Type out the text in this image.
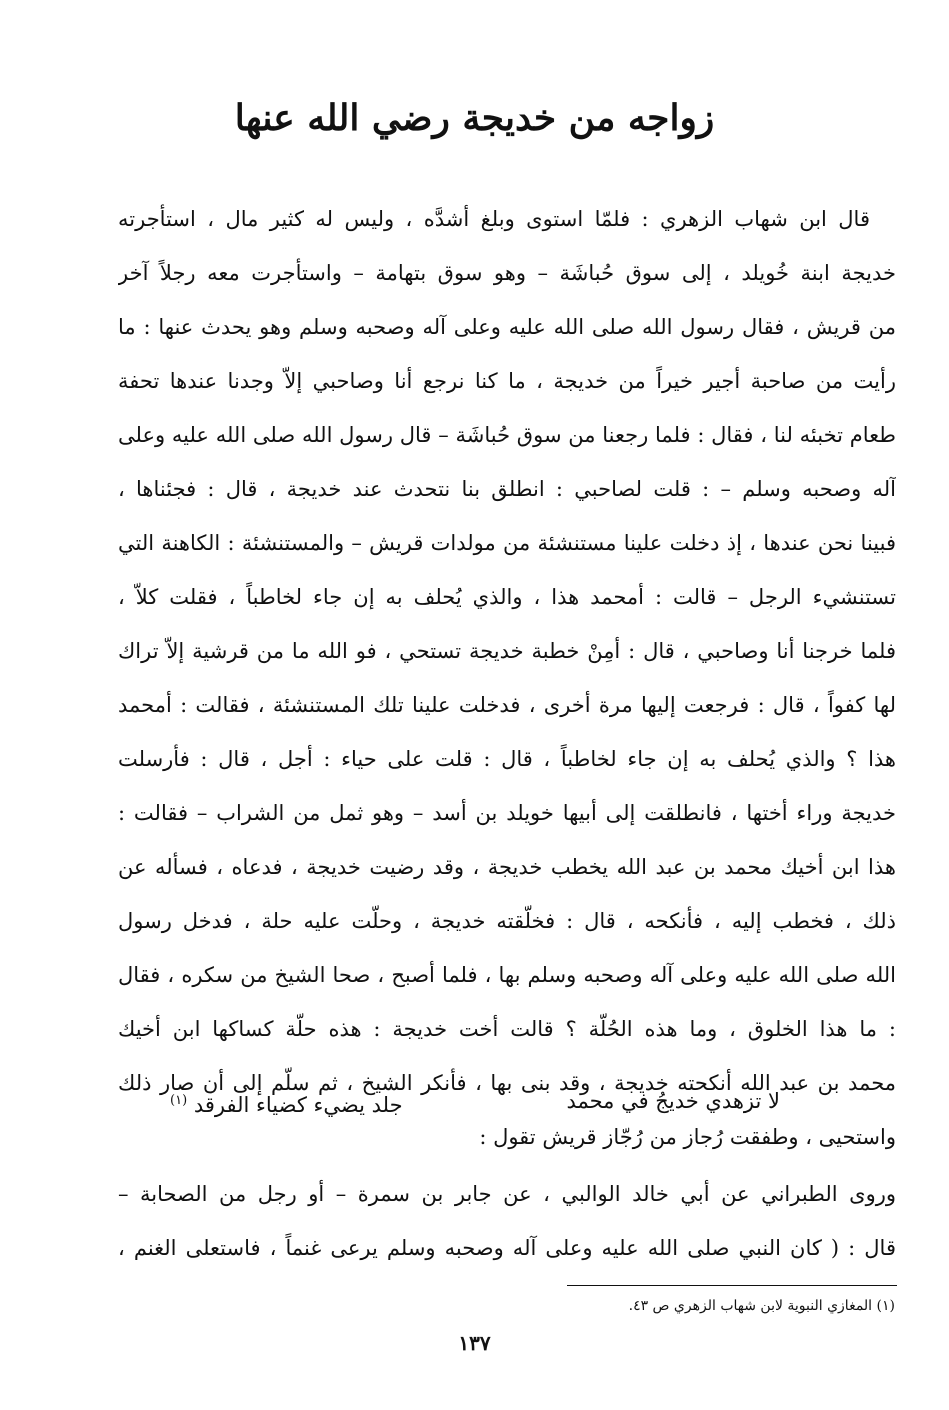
زواجه من خديجة رضي الله عنها
قال ابن شهاب الزهري : فلمّا استوى وبلغ أشدَّه ، وليس له كثير مال ، استأجرته
خديجة ابنة خُويلد ، إلى سوق حُباشَة – وهو سوق بتهامة – واستأجرت معه رجلاً آخر
من قريش ، فقال رسول الله صلى الله عليه وعلى آله وصحبه وسلم وهو يحدث عنها : ما
رأيت من صاحبة أجير خيراً من خديجة ، ما كنا نرجع أنا وصاحبي إلاّ وجدنا عندها تحفة
طعام تخبئه لنا ، فقال : فلما رجعنا من سوق حُباشَة – قال رسول الله صلى الله عليه وعلى
آله وصحبه وسلم – : قلت لصاحبي : انطلق بنا نتحدث عند خديجة ، قال : فجئناها ،
فبينا نحن عندها ، إذ دخلت علينا مستنشئة من مولدات قريش – والمستنشئة : الكاهنة التي
تستنشيء الرجل – قالت : أمحمد هذا ، والذي يُحلف به إن جاء لخاطباً ، فقلت كلاّ ،
فلما خرجنا أنا وصاحبي ، قال : أمِنْ خطبة خديجة تستحي ، فو الله ما من قرشية إلاّ تراك
لها كفواً ، قال : فرجعت إليها مرة أخرى ، فدخلت علينا تلك المستنشئة ، فقالت : أمحمد
هذا ؟ والذي يُحلف به إن جاء لخاطباً ، قال : قلت على حياء : أجل ، قال : فأرسلت
خديجة وراء أختها ، فانطلقت إلى أبيها خويلد بن أسد – وهو ثمل من الشراب – فقالت :
هذا ابن أخيك محمد بن عبد الله يخطب خديجة ، وقد رضيت خديجة ، فدعاه ، فسأله عن
ذلك ، فخطب إليه ، فأنكحه ، قال : فخلّقته خديجة ، وحلّت عليه حلة ، فدخل رسول
الله صلى الله عليه وعلى آله وصحبه وسلم بها ، فلما أصبح ، صحا الشيخ من سكره ، فقال
: ما هذا الخلوق ، وما هذه الحُلّة ؟ قالت أخت خديجة : هذه حلّة كساكها ابن أخيك
محمد بن عبد الله أنكحته خديجة ، وقد بنى بها ، فأنكر الشيخ ، ثم سلّم إلى أن صار ذلك
واستحيى ، وطفقت رُجاز من رُجّاز قريش تقول :
لا تزهدي خديجُ في محمد
جلد يضيء كضياء الفرقد $^{(١)}$
وروى الطبراني عن أبي خالد الوالبي ، عن جابر بن سمرة – أو رجل من الصحابة –
قال : ( كان النبي صلى الله عليه وعلى آله وصحبه وسلم يرعى غنماً ، فاستعلى الغنم ،
(١) المغازي النبوية لابن شهاب الزهري ص ٤٣.
١٣٧
